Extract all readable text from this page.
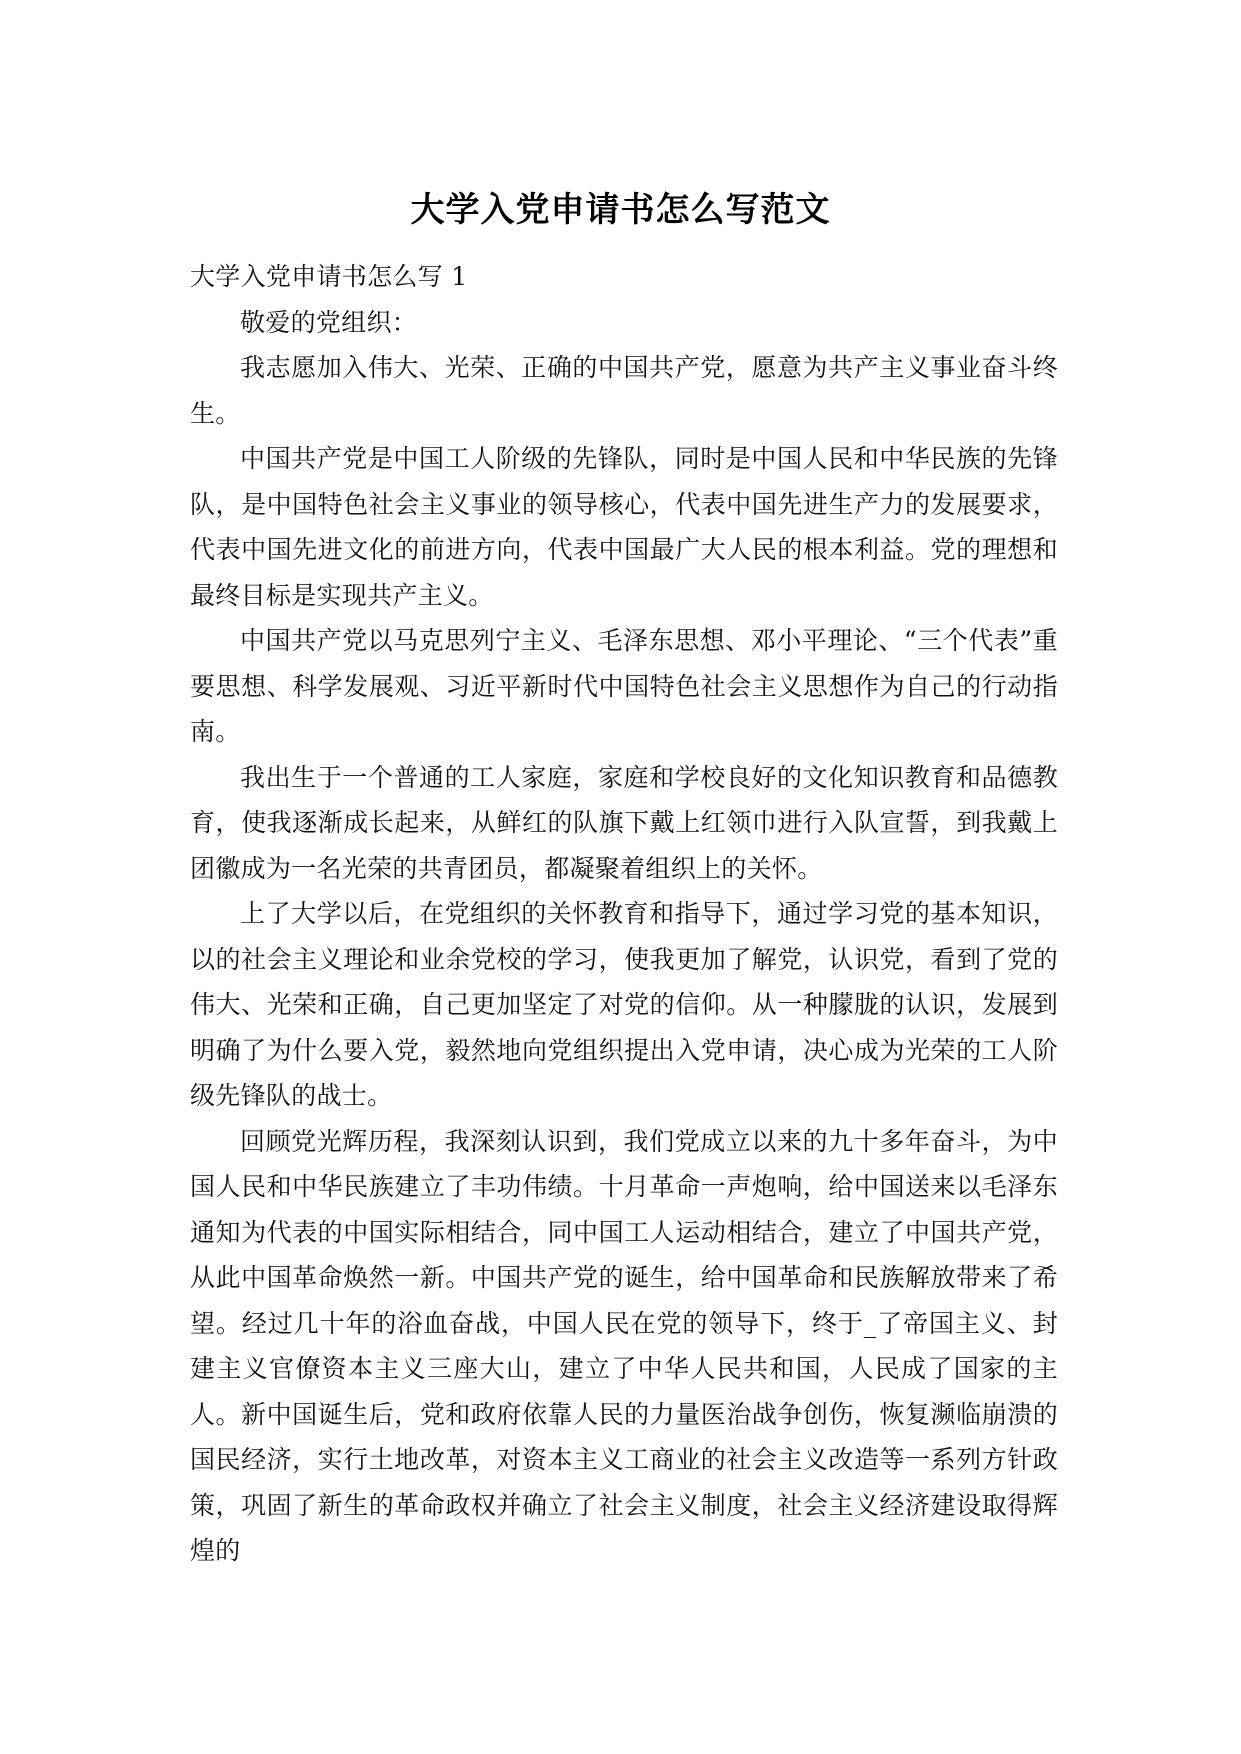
大学入党申请书怎么写范文

大学入党申请书怎么写 1

敬爱的党组织：

我志愿加入伟大、光荣、正确的中国共产党，愿意为共产主义事业奋斗终生。

中国共产党是中国工人阶级的先锋队，同时是中国人民和中华民族的先锋队，是中国特色社会主义事业的领导核心，代表中国先进生产力的发展要求，代表中国先进文化的前进方向，代表中国最广大人民的根本利益。党的理想和最终目标是实现共产主义。

中国共产党以马克思列宁主义、毛泽东思想、邓小平理论、“三个代表”重要思想、科学发展观、习近平新时代中国特色社会主义思想作为自己的行动指南。

我出生于一个普通的工人家庭，家庭和学校良好的文化知识教育和品德教育，使我逐渐成长起来，从鲜红的队旗下戴上红领巾进行入队宣誓，到我戴上团徽成为一名光荣的共青团员，都凝聚着组织上的关怀。

上了大学以后，在党组织的关怀教育和指导下，通过学习党的基本知识，以的社会主义理论和业余党校的学习，使我更加了解党，认识党，看到了党的伟大、光荣和正确，自己更加坚定了对党的信仰。从一种朦胧的认识，发展到明确了为什么要入党，毅然地向党组织提出入党申请，决心成为光荣的工人阶级先锋队的战士。

回顾党光辉历程，我深刻认识到，我们党成立以来的九十多年奋斗，为中国人民和中华民族建立了丰功伟绩。十月革命一声炮响，给中国送来以毛泽东通知为代表的中国实际相结合，同中国工人运动相结合，建立了中国共产党，从此中国革命焕然一新。中国共产党的诞生，给中国革命和民族解放带来了希望。经过几十年的浴血奋战，中国人民在党的领导下，终于_了帝国主义、封建主义官僚资本主义三座大山，建立了中华人民共和国，人民成了国家的主人。新中国诞生后，党和政府依靠人民的力量医治战争创伤，恢复濒临崩溃的国民经济，实行土地改革，对资本主义工商业的社会主义改造等一系列方针政策，巩固了新生的革命政权并确立了社会主义制度，社会主义经济建设取得辉煌的
